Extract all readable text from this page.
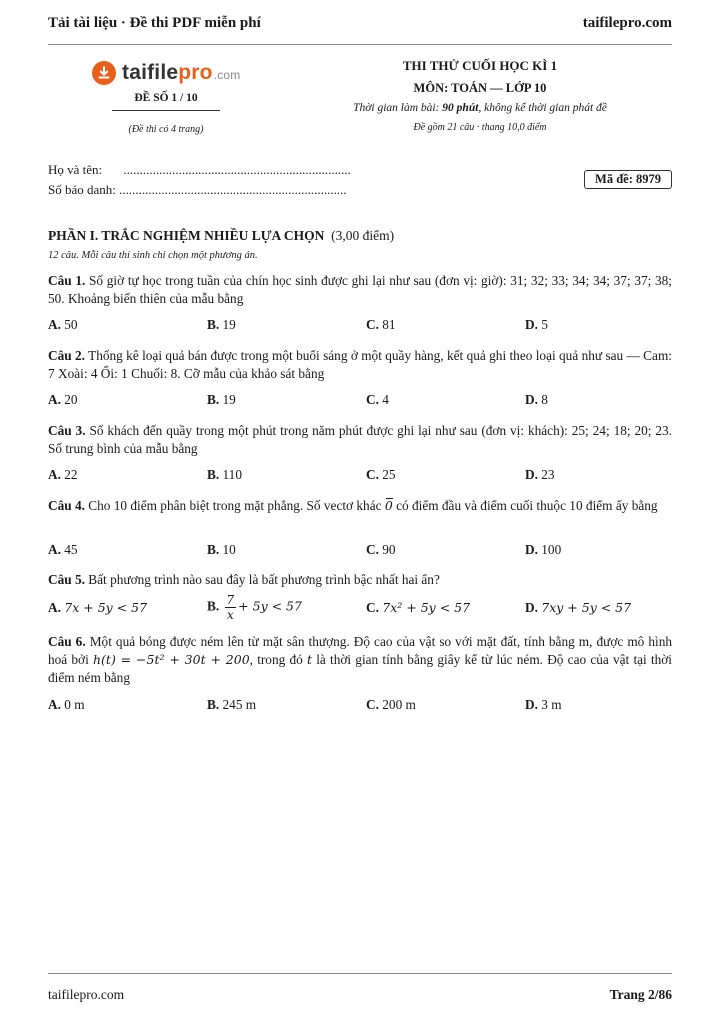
Tải tài liệu · Đề thi PDF miễn phí	taifilepro.com
taifilepro.com
ĐỀ SỐ 1 / 10
(Đề thi có 4 trang)
THI THỬ CUỐI HỌC KÌ 1
MÔN: TOÁN — LỚP 10
Thời gian làm bài: 90 phút, không kể thời gian phát đề
Đề gồm 21 câu · thang 10,0 điểm
Họ và tên: ......................................................................
Số báo danh: ......................................................................
Mã đề: 8979
PHẦN I. TRẮC NGHIỆM NHIỀU LỰA CHỌN (3,00 điểm)
12 câu. Mỗi câu thí sinh chỉ chọn một phương án.
Câu 1. Số giờ tự học trong tuần của chín học sinh được ghi lại như sau (đơn vị: giờ): 31; 32; 33; 34; 34; 37; 37; 38; 50. Khoảng biến thiên của mẫu bằng
A. 50	B. 19	C. 81	D. 5
Câu 2. Thống kê loại quả bán được trong một buổi sáng ở một quầy hàng, kết quả ghi theo loại quả như sau — Cam: 7 Xoài: 4 Ổi: 1 Chuối: 8. Cỡ mẫu của khảo sát bằng
A. 20	B. 19	C. 4	D. 8
Câu 3. Số khách đến quầy trong một phút trong năm phút được ghi lại như sau (đơn vị: khách): 25; 24; 18; 20; 23. Số trung bình của mẫu bằng
A. 22	B. 110	C. 25	D. 23
Câu 4. Cho 10 điểm phân biệt trong mặt phẳng. Số vectơ khác 0 có điểm đầu và điểm cuối thuộc 10 điểm ấy bằng
A. 45	B. 10	C. 90	D. 100
Câu 5. Bất phương trình nào sau đây là bất phương trình bậc nhất hai ẩn?
A. 7x + 5y < 57	B. $\frac{7}{x} + 5y < 57$	C. 7x² + 5y < 57	D. 7xy + 5y < 57
Câu 6. Một quả bóng được ném lên từ mặt sân thượng. Độ cao của vật so với mặt đất, tính bằng m, được mô hình hoá bởi h(t) = −5t² + 30t + 200, trong đó t là thời gian tính bằng giây kể từ lúc ném. Độ cao của vật tại thời điểm ném bằng
A. 0 m	B. 245 m	C. 200 m	D. 3 m
taifilepro.com	Trang 2/86
